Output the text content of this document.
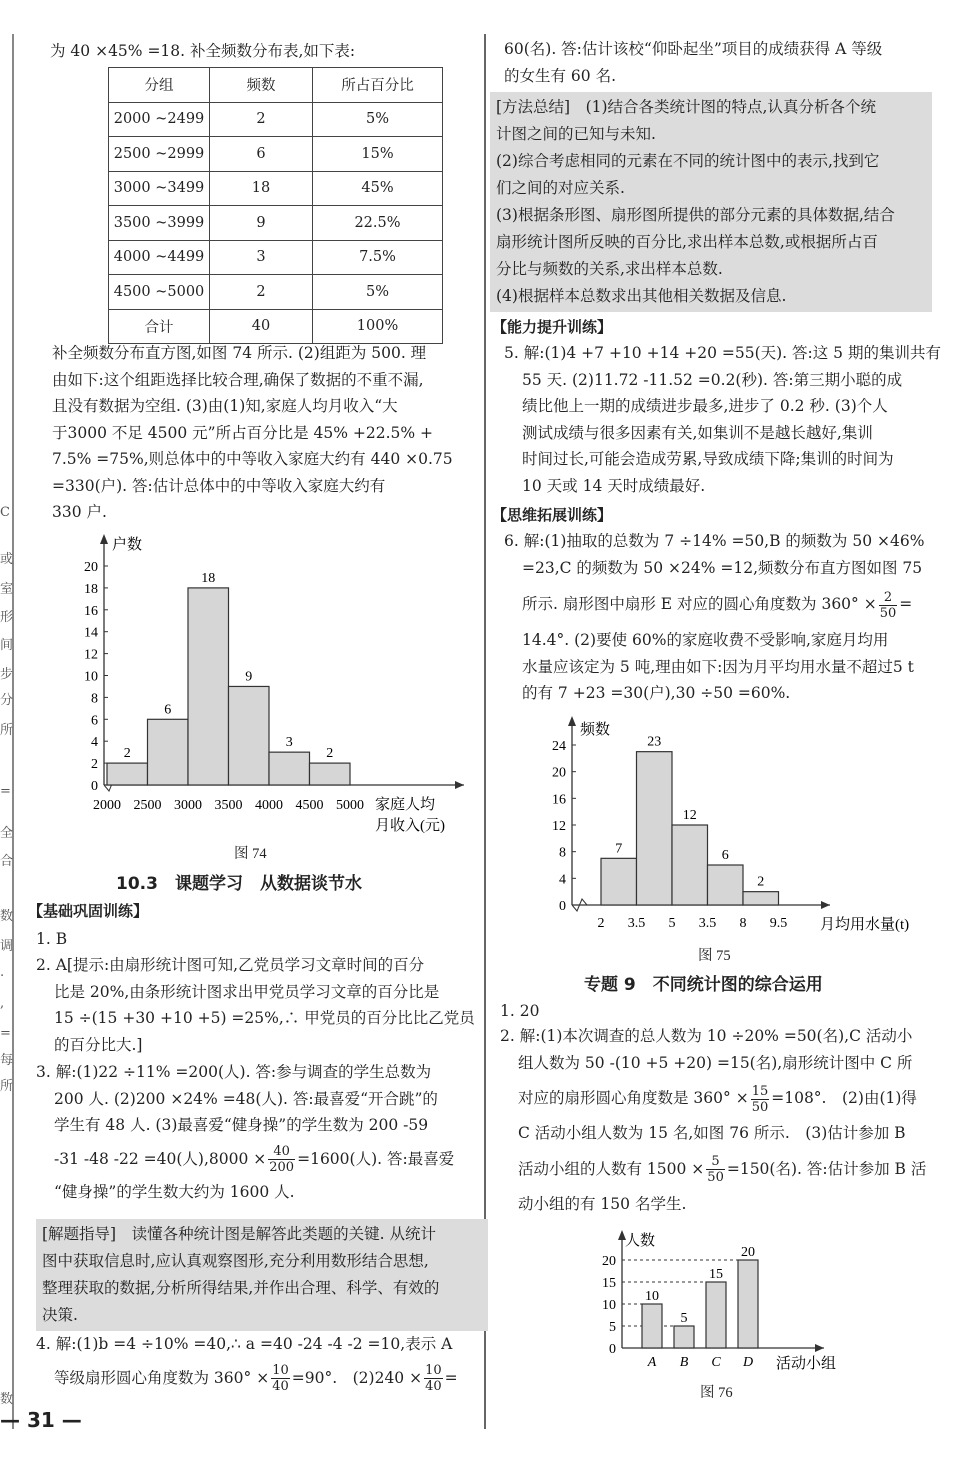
C
或
室
形
间
步
分
所
=
全
合
数
调
.
,
=
每
所
数
为 40 ×45% =18. 补全频数分布表,如下表:
分组	频数	所占百分比
2000 ~2499	2	5%
2500 ~2999	6	15%
3000 ~3499	18	45%
3500 ~3999	9	22.5%
4000 ~4499	3	7.5%
4500 ~5000	2	5%
合计	40	100%
补全频数分布直方图,如图 74 所示. (2)组距为 500. 理
由如下:这个组距选择比较合理,确保了数据的不重不漏,
且没有数据为空组. (3)由(1)知,家庭人均月收入“大
于3000 不足 4500 元”所占百分比是 45% +22.5% +
7.5% =75%,则总体中的中等收入家庭大约有 440 ×0.75
=330(户). 答:估计总体中的中等收入家庭大约有
330 户.
户数
0
2
4
6
8
10
12
14
16
18
20
2000 2500 3000 3500 4000 4500 5000
2
6
18
9
3
2
家庭人均
月收入(元)
图 74
10.3　课题学习　从数据谈节水
【基础巩固训练】
1. B
2. A[提示:由扇形统计图可知,乙党员学习文章时间的百分
比是 20%,由条形统计图求出甲党员学习文章的百分比是
15 ÷(15 +30 +10 +5) =25%,∴ 甲党员的百分比比乙党员
的百分比大.]
3. 解:(1)22 ÷11% =200(人). 答:参与调查的学生总数为
200 人. (2)200 ×24% =48(人). 答:最喜爱“开合跳”的
学生有 48 人. (3)最喜爱“健身操”的学生数为 200 -59
-31 -48 -22 =40(人)$,8000 \times \frac{40}{200} =1600$(人). 答:最喜爱
“健身操”的学生数大约为 1600 人.
[解题指导]　读懂各种统计图是解答此类题的关键. 从统计
图中获取信息时,应认真观察图形,充分利用数形结合思想,
整理获取的数据,分析所得结果,并作出合理、科学、有效的
决策.
4. 解:(1)b =4 ÷10% =40,∴ a =40 -24 -4 -2 =10,表示 A
等级扇形圆心角度数为 $360^\circ \times \frac{10}{40} =90^\circ$.　$(2)240 \times \frac{10}{40}$ =
60(名). 答:估计该校“仰卧起坐”项目的成绩获得 A 等级
的女生有 60 名.
[方法总结]　(1)结合各类统计图的特点,认真分析各个统
计图之间的已知与未知.
(2)综合考虑相同的元素在不同的统计图中的表示,找到它
们之间的对应关系.
(3)根据条形图、扇形图所提供的部分元素的具体数据,结合
扇形统计图所反映的百分比,求出样本总数,或根据所占百
分比与频数的关系,求出样本总数.
(4)根据样本总数求出其他相关数据及信息.
【能力提升训练】
5. 解:(1)4 +7 +10 +14 +20 =55(天). 答:这 5 期的集训共有
55 天. (2)11.72 -11.52 =0.2(秒). 答:第三期小聪的成
绩比他上一期的成绩进步最多,进步了 0.2 秒. (3)个人
测试成绩与很多因素有关,如集训不是越长越好,集训
时间过长,可能会造成劳累,导致成绩下降;集训的时间为
10 天或 14 天时成绩最好.
【思维拓展训练】
6. 解:(1)抽取的总数为 7 ÷14% =50,B 的频数为 50 ×46%
=23,C 的频数为 50 ×24% =12,频数分布直方图如图 75
所示. 扇形图中扇形 E 对应的圆心角度数为 $360^\circ \times \frac{2}{50}$ =
14.4°. (2)要使 60%的家庭收费不受影响,家庭月均用
水量应该定为 5 吨,理由如下:因为月平均用水量不超过5 t
的有 7 +23 =30(户),30 ÷50 =60%.
频数
0
4
8
12
16
20
24
2 3.5 5 3.5 8 9.5
7
23
12
6
2
月均用水量(t)
图 75
专题 9　不同统计图的综合运用
1. 20
2. 解:(1)本次调查的总人数为 10 ÷20% =50(名),C 活动小
组人数为 50 -(10 +5 +20) =15(名),扇形统计图中 C 所
对应的扇形圆心角度数是 $360^\circ \times \frac{15}{50} =108^\circ$.　(2)由(1)得
C 活动小组人数为 15 名,如图 76 所示.　(3)估计参加 B
活动小组的人数有 $1500 \times \frac{5}{50} =150$(名). 答:估计参加 B 活
动小组的有 150 名学生.
人数
0
5
10
15
20
10
A
5
B
15
C
20
D 活动小组
图 76
— 31 —
